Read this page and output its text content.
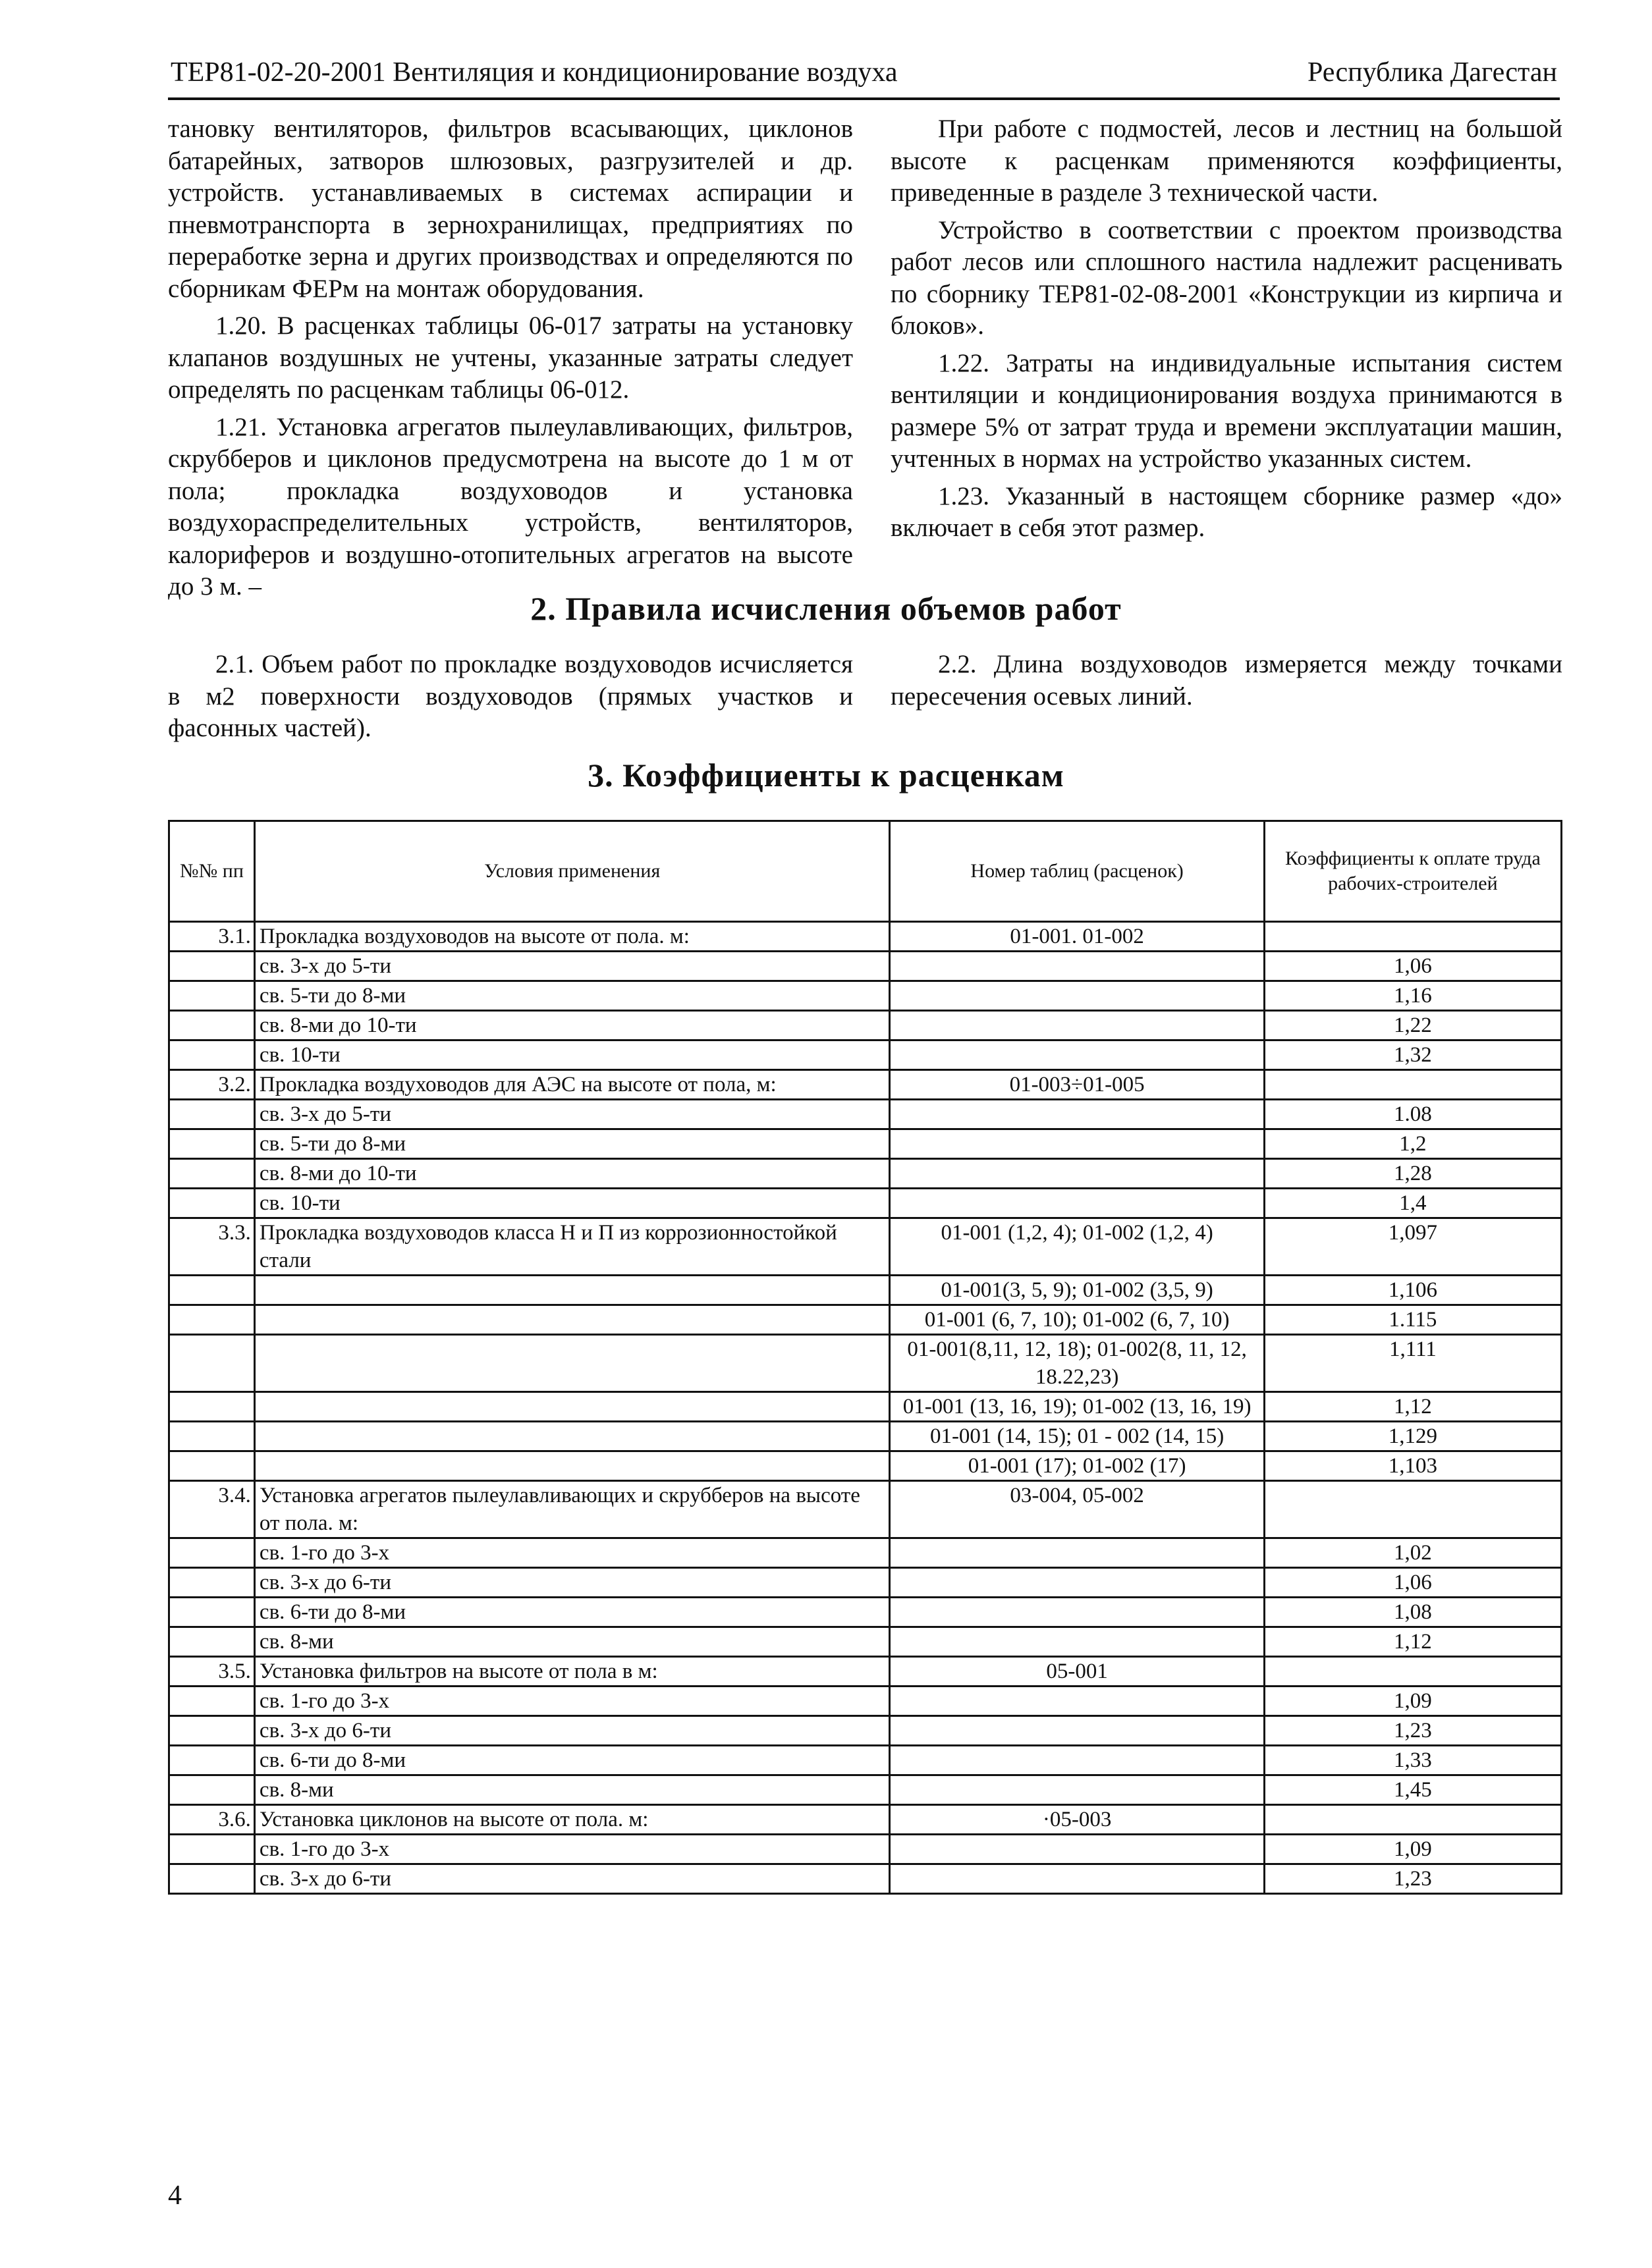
ТЕР81-02-20-2001 Вентиляция и кондиционирование воздуха	Республика Дагестан

тановку вентиляторов, фильтров всасывающих, циклонов батарейных, затворов шлюзовых, разгрузителей и др. устройств. устанавливаемых в системах аспирации и пневмотранспорта в зернохранилищах, предприятиях по переработке зерна и других производствах и определяются по сборникам ФЕРм на монтаж оборудования.

1.20. В расценках таблицы 06-017 затраты на установку клапанов воздушных не учтены, указанные затраты следует определять по расценкам таблицы 06-012.

1.21. Установка агрегатов пылеулавливающих, фильтров, скрубберов и циклонов предусмотрена на высоте до 1 м от пола; прокладка воздуховодов и установка воздухораспределительных устройств, вентиляторов, калориферов и воздушно-отопительных агрегатов на высоте до 3 м. –

При работе с подмостей, лесов и лестниц на большой высоте к расценкам применяются коэффициенты, приведенные в разделе 3 технической части.

Устройство в соответствии с проектом производства работ лесов или сплошного настила надлежит расценивать по сборнику ТЕР81-02-08-2001 «Конструкции из кирпича и блоков».

1.22. Затраты на индивидуальные испытания систем вентиляции и кондиционирования воздуха принимаются в размере 5% от затрат труда и времени эксплуатации машин, учтенных в нормах на устройство указанных систем.

1.23. Указанный в настоящем сборнике размер «до» включает в себя этот размер.

2. Правила исчисления объемов работ

2.1. Объем работ по прокладке воздуховодов исчисляется в м2 поверхности воздуховодов (прямых участков и фасонных частей).

2.2. Длина воздуховодов измеряется между точками пересечения осевых линий.

3. Коэффициенты к расценкам
№№ пп	Условия применения	Номер таблиц (расценок)	Коэффициенты к оплате труда рабочих-строителей
3.1.	Прокладка воздуховодов на высоте от пола. м:	01-001. 01-002	
	св. 3-х до 5-ти		1,06
	св. 5-ти до 8-ми		1,16
	св. 8-ми до 10-ти		1,22
	св. 10-ти		1,32
3.2.	Прокладка воздуховодов для АЭС на высоте от пола, м:	01-003÷01-005	
	св. 3-х до 5-ти		1.08
	св. 5-ти до 8-ми		1,2
	св. 8-ми до 10-ти		1,28
	св. 10-ти		1,4
3.3.	Прокладка воздуховодов класса Н и П из коррозионностойкой стали	01-001 (1,2, 4); 01-002 (1,2, 4)	1,097
		01-001(3, 5, 9); 01-002 (3,5, 9)	1,106
		01-001 (6, 7, 10); 01-002 (6, 7, 10)	1.115
		01-001(8,11, 12, 18); 01-002(8, 11, 12, 18.22,23)	1,111
		01-001 (13, 16, 19); 01-002 (13, 16, 19)	1,12
		01-001 (14, 15); 01 - 002 (14, 15)	1,129
		01-001 (17); 01-002 (17)	1,103
3.4.	Установка агрегатов пылеулавливающих и скрубберов на высоте от пола. м:	03-004, 05-002	
	св. 1-го до 3-х		1,02
	св. 3-х до 6-ти		1,06
	св. 6-ти до 8-ми		1,08
	св. 8-ми		1,12
3.5.	Установка фильтров на высоте от пола в м:	05-001	
	св. 1-го до 3-х		1,09
	св. 3-х до 6-ти		1,23
	св. 6-ти до 8-ми		1,33
	св. 8-ми		1,45
3.6.	Установка циклонов на высоте от пола. м:	·05-003	
	св. 1-го до 3-х		1,09
	св. 3-х до 6-ти		1,23
4
